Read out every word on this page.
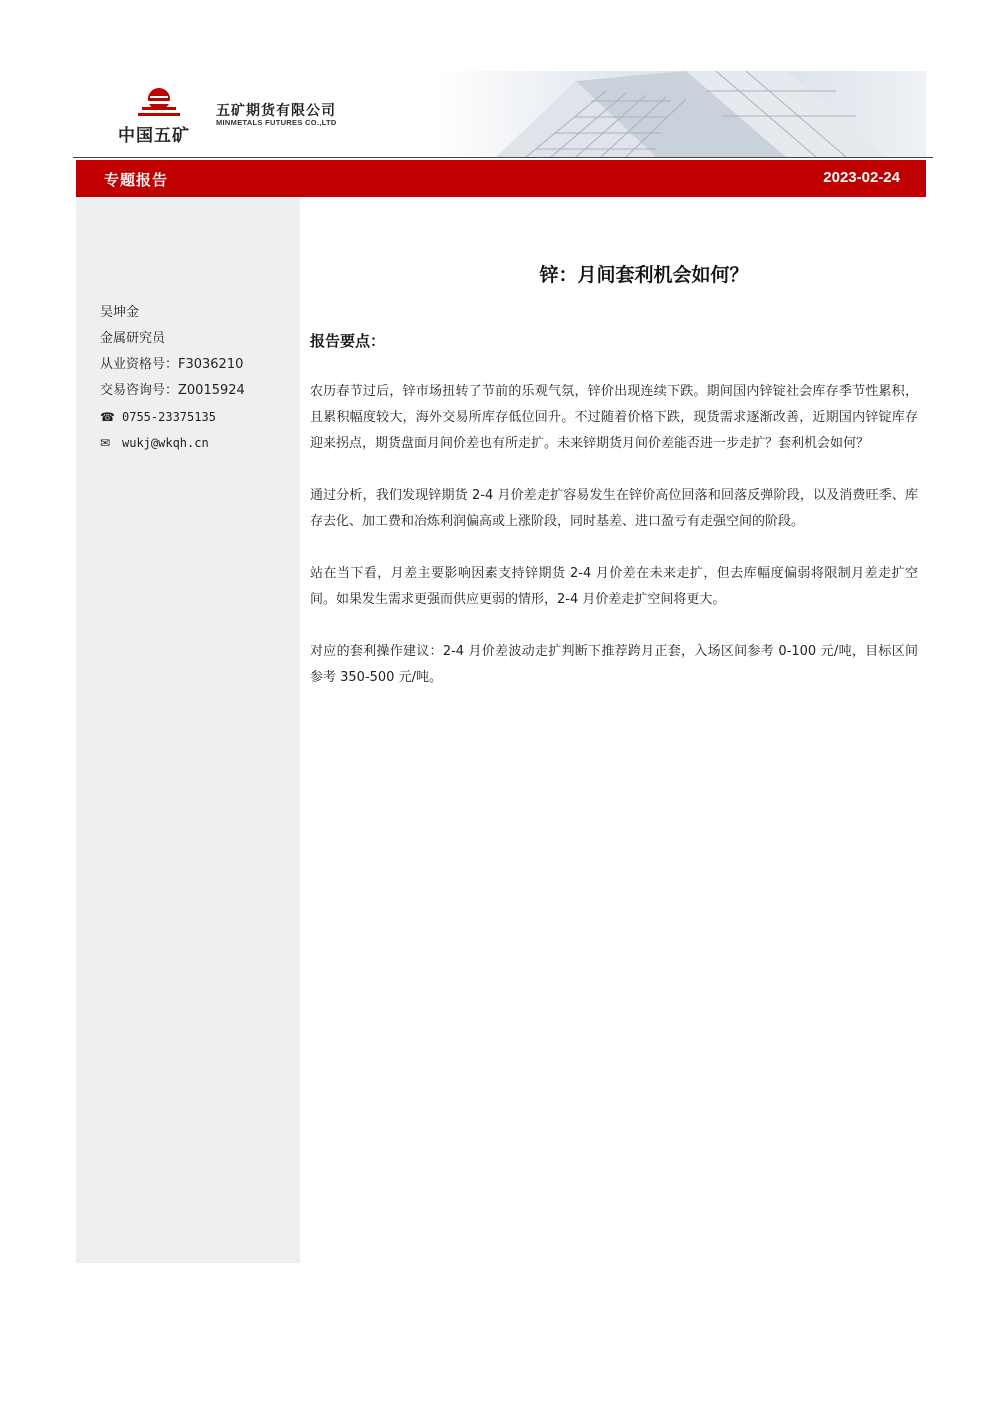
中国五矿
五矿期货有限公司
MINMETALS FUTURES CO.,LTD
专题报告	2023-02-24
吴坤金
金属研究员
从业资格号：F3036210
交易咨询号：Z0015924
☎ 0755-23375135
✉ wukj@wkqh.cn
锌：月间套利机会如何？
报告要点：

农历春节过后，锌市场扭转了节前的乐观气氛，锌价出现连续下跌。期间国内锌锭社会库存季节性累积，且累积幅度较大，海外交易所库存低位回升。不过随着价格下跌，现货需求逐渐改善，近期国内锌锭库存迎来拐点，期货盘面月间价差也有所走扩。未来锌期货月间价差能否进一步走扩？套利机会如何？

通过分析，我们发现锌期货 2-4 月价差走扩容易发生在锌价高位回落和回落反弹阶段，以及消费旺季、库存去化、加工费和冶炼利润偏高或上涨阶段，同时基差、进口盈亏有走强空间的阶段。

站在当下看，月差主要影响因素支持锌期货 2-4 月价差在未来走扩，但去库幅度偏弱将限制月差走扩空间。如果发生需求更强而供应更弱的情形，2-4 月价差走扩空间将更大。

对应的套利操作建议：2-4 月价差波动走扩判断下推荐跨月正套，入场区间参考 0-100 元/吨，目标区间参考 350-500 元/吨。
